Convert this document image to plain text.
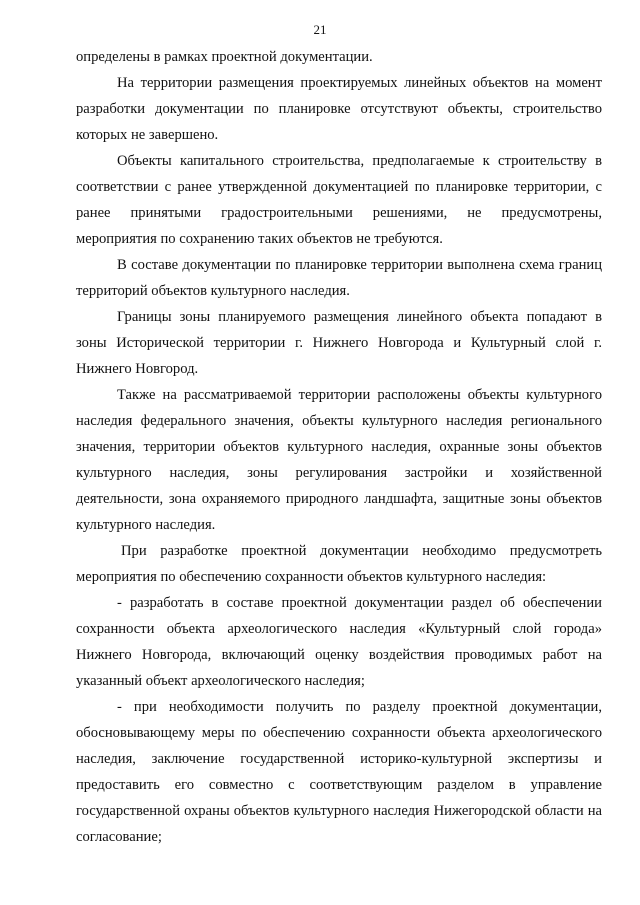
21

определены в рамках проектной документации.

На территории размещения проектируемых линейных объектов на момент разработки документации по планировке отсутствуют объекты, строительство которых не завершено.

Объекты капитального строительства, предполагаемые к строительству в соответствии с ранее утвержденной документацией по планировке территории, с ранее принятыми градостроительными решениями, не предусмотрены, мероприятия по сохранению таких объектов не требуются.

В составе документации по планировке территории выполнена схема границ территорий объектов культурного наследия.

Границы зоны планируемого размещения линейного объекта попадают в зоны Исторической территории г. Нижнего Новгорода и Культурный слой г. Нижнего Новгород.

Также на рассматриваемой территории расположены объекты культурного наследия федерального значения, объекты культурного наследия регионального значения, территории объектов культурного наследия, охранные зоны объектов культурного наследия, зоны регулирования застройки и хозяйственной деятельности, зона охраняемого природного ландшафта, защитные зоны объектов культурного наследия.

При разработке проектной документации необходимо предусмотреть мероприятия по обеспечению сохранности объектов культурного наследия:

- разработать в составе проектной документации раздел об обеспечении сохранности объекта археологического наследия «Культурный слой города» Нижнего Новгорода, включающий оценку воздействия проводимых работ на указанный объект археологического наследия;

- при необходимости получить по разделу проектной документации, обосновывающему меры по обеспечению сохранности объекта археологического наследия, заключение государственной историко-культурной экспертизы и предоставить его совместно с соответствующим разделом в управление государственной охраны объектов культурного наследия Нижегородской области на согласование;
